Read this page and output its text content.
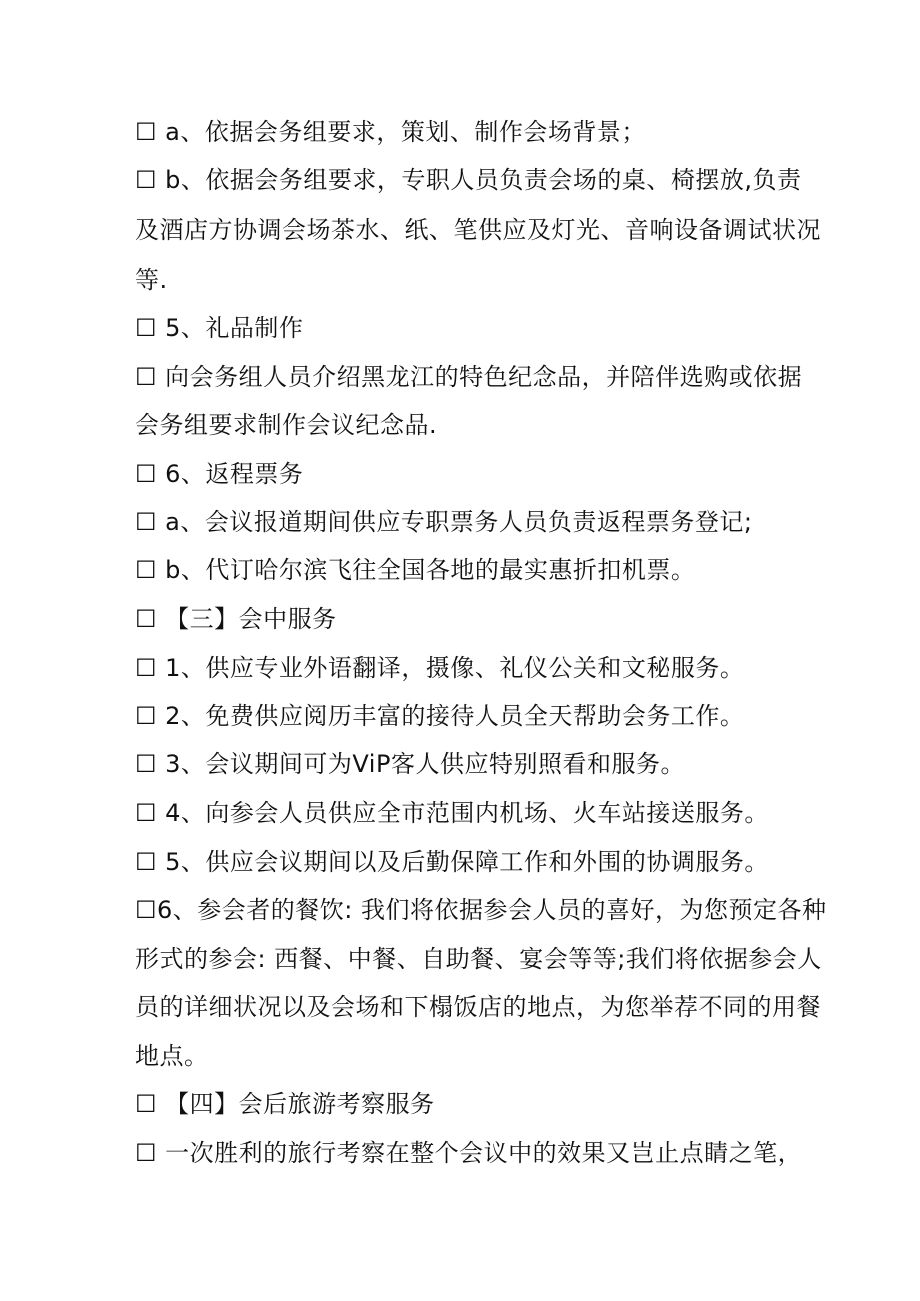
☐ a、依据会务组要求，策划、制作会场背景；
☐ b、依据会务组要求，专职人员负责会场的桌、椅摆放,负责
及酒店方协调会场茶水、纸、笔供应及灯光、音响设备调试状况
等.
☐ 5、礼品制作
☐ 向会务组人员介绍黑龙江的特色纪念品，并陪伴选购或依据
会务组要求制作会议纪念品.
☐ 6、返程票务
☐ a、会议报道期间供应专职票务人员负责返程票务登记;
☐ b、代订哈尔滨飞往全国各地的最实惠折扣机票。
☐ 【三】会中服务
☐ 1、供应专业外语翻译，摄像、礼仪公关和文秘服务。
☐ 2、免费供应阅历丰富的接待人员全天帮助会务工作。
☐ 3、会议期间可为ViP客人供应特别照看和服务。
☐ 4、向参会人员供应全市范围内机场、火车站接送服务。
☐ 5、供应会议期间以及后勤保障工作和外围的协调服务。
☐6、参会者的餐饮: 我们将依据参会人员的喜好，为您预定各种
形式的参会: 西餐、中餐、自助餐、宴会等等;我们将依据参会人
员的详细状况以及会场和下榻饭店的地点，为您举荐不同的用餐
地点。
☐ 【四】会后旅游考察服务
☐ 一次胜利的旅行考察在整个会议中的效果又岂止点睛之笔，
